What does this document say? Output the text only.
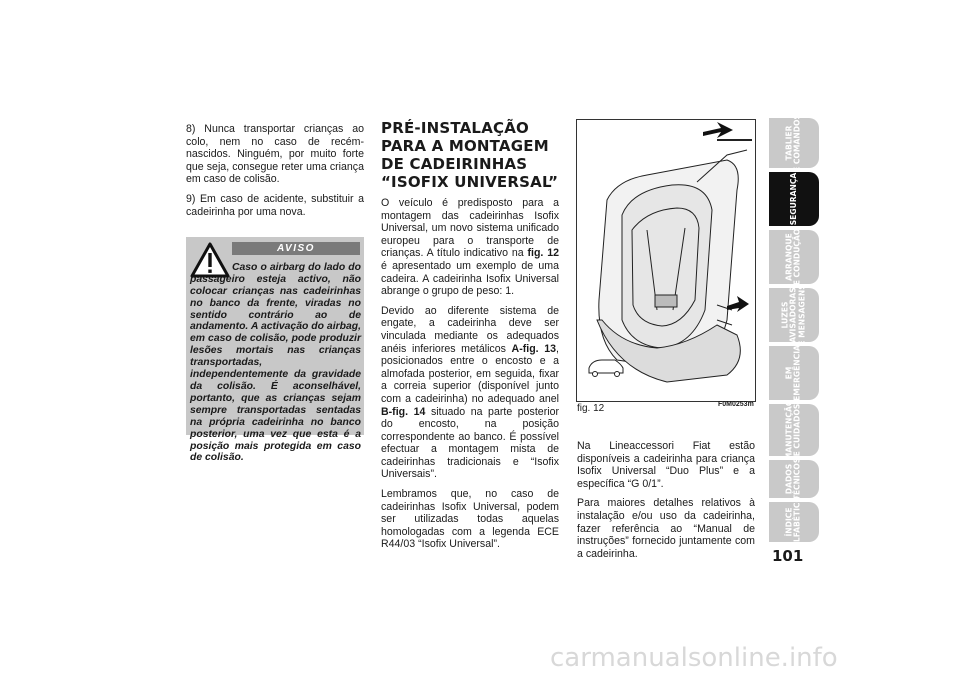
8) Nunca transportar crianças ao colo, nem no caso de recém-nascidos. Ninguém, por muito forte que seja, consegue reter uma criança em caso de colisão.

9) Em caso de acidente, substituir a cadeirinha por uma nova.

AVISO

Caso o airbarg do lado do passageiro esteja activo, não colocar crianças nas cadeirinhas no banco da frente, viradas no sentido contrário ao de andamento. A activação do airbag, em caso de colisão, pode produzir lesões mortais nas crianças transportadas, independentemente da gravidade da colisão. É aconselhável, portanto, que as crianças sejam sempre transportadas sentadas na própria cadeirinha no banco posterior, uma vez que esta é a posição mais protegida em caso de colisão.
PRÉ-INSTALAÇÃO PARA A MONTAGEM DE CADEIRINHAS “ISOFIX UNIVERSAL”

O veículo é predisposto para a montagem das cadeirinhas Isofix Universal, um novo sistema unificado europeu para o transporte de crianças. A título indicativo na fig. 12 é apresentado um exemplo de uma cadeira. A cadeirinha Isofix Universal abrange o grupo de peso: 1.

Devido ao diferente sistema de engate, a cadeirinha deve ser vinculada mediante os adequados anéis inferiores metálicos A-fig. 13, posicionados entre o encosto e a almofada posterior, em seguida, fixar a correia superior (disponível junto com a cadeirinha) no adequado anel B-fig. 14 situado na parte posterior do encosto, na posição correspondente ao banco. É possível efectuar a montagem mista de cadeirinhas tradicionais e “Isofix Universais”.

Lembramos que, no caso de cadeirinhas Isofix Universal, podem ser utilizadas todas aquelas homologadas com a legenda ECE R44/03 “Isofix Universal”.

fig. 12	F0M0253m

Na Lineaccessori Fiat estão disponíveis a cadeirinha para criança Isofix Universal “Duo Plus” e a específica “G 0/1”.

Para maiores detalhes relativos à instalação e/ou uso da cadeirinha, fazer referência ao “Manual de instruções” fornecido juntamente com a cadeirinha.

TABLIER
E COMANDOS
SEGURANÇA
ARRANQUE
E CONDUÇÃO
LUZES
AVISADORAS
E MENSAGENS
EM
EMERGÊNCIA
MANUTENÇÃO
E CUIDADOS
DADOS
TÉCNICOS
ÍNDICE
ALFABÉTICO
101
carmanualsonline.info
